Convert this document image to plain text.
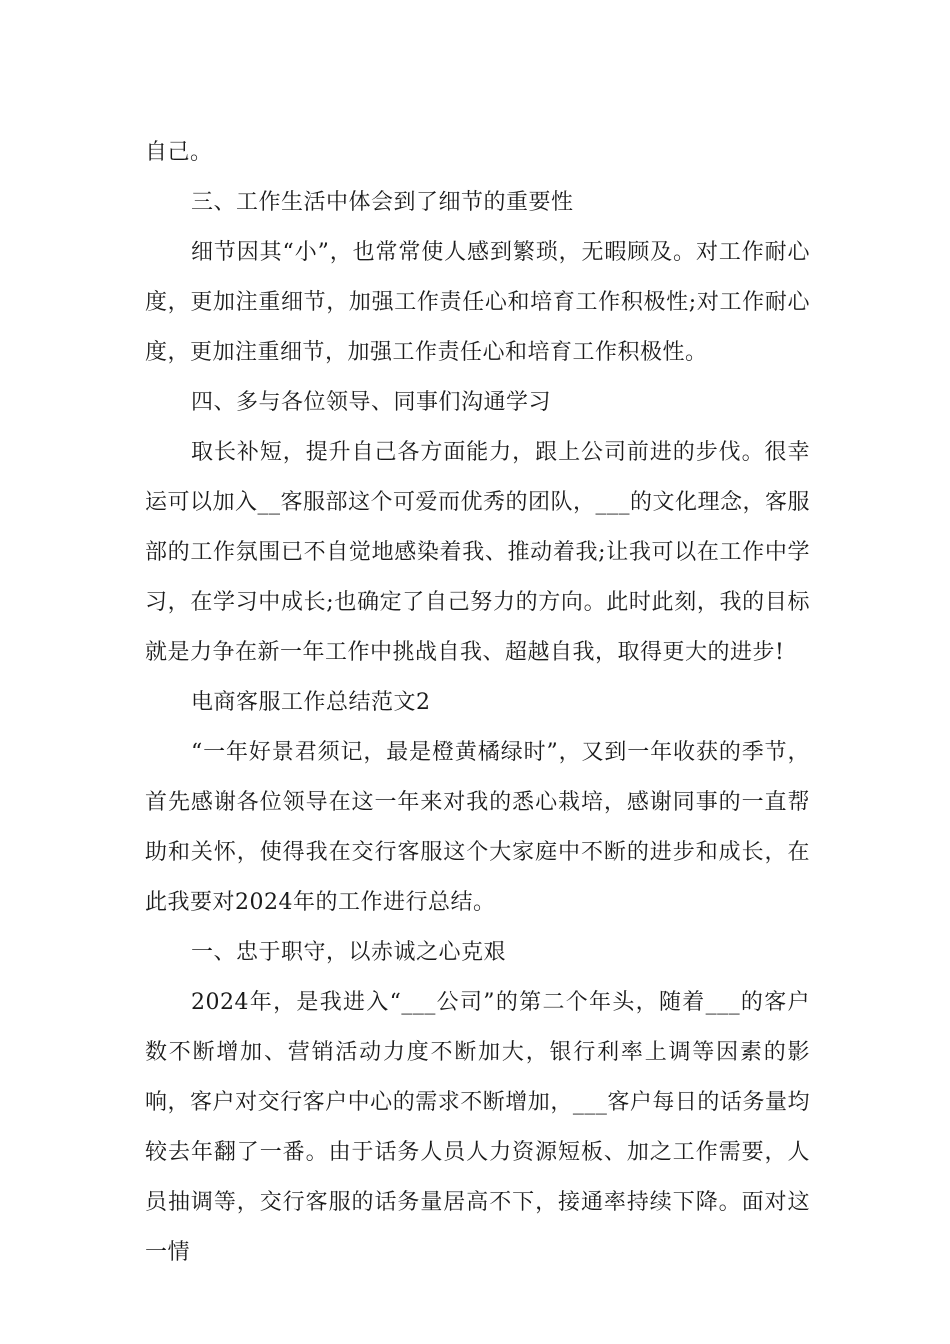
自己。

三、工作生活中体会到了细节的重要性

细节因其“小”，也常常使人感到繁琐，无暇顾及。对工作耐心度，更加注重细节，加强工作责任心和培育工作积极性;对工作耐心度，更加注重细节，加强工作责任心和培育工作积极性。

四、多与各位领导、同事们沟通学习

取长补短，提升自己各方面能力，跟上公司前进的步伐。很幸运可以加入__客服部这个可爱而优秀的团队，___的文化理念，客服部的工作氛围已不自觉地感染着我、推动着我;让我可以在工作中学习，在学习中成长;也确定了自己努力的方向。此时此刻，我的目标就是力争在新一年工作中挑战自我、超越自我，取得更大的进步!

电商客服工作总结范文2

“一年好景君须记，最是橙黄橘绿时”，又到一年收获的季节，首先感谢各位领导在这一年来对我的悉心栽培，感谢同事的一直帮助和关怀，使得我在交行客服这个大家庭中不断的进步和成长，在此我要对2024年的工作进行总结。

一、忠于职守，以赤诚之心克艰

2024年，是我进入“___公司”的第二个年头，随着___的客户数不断增加、营销活动力度不断加大，银行利率上调等因素的影响，客户对交行客户中心的需求不断增加，___客户每日的话务量均较去年翻了一番。由于话务人员人力资源短板、加之工作需要，人员抽调等，交行客服的话务量居高不下，接通率持续下降。面对这一情
